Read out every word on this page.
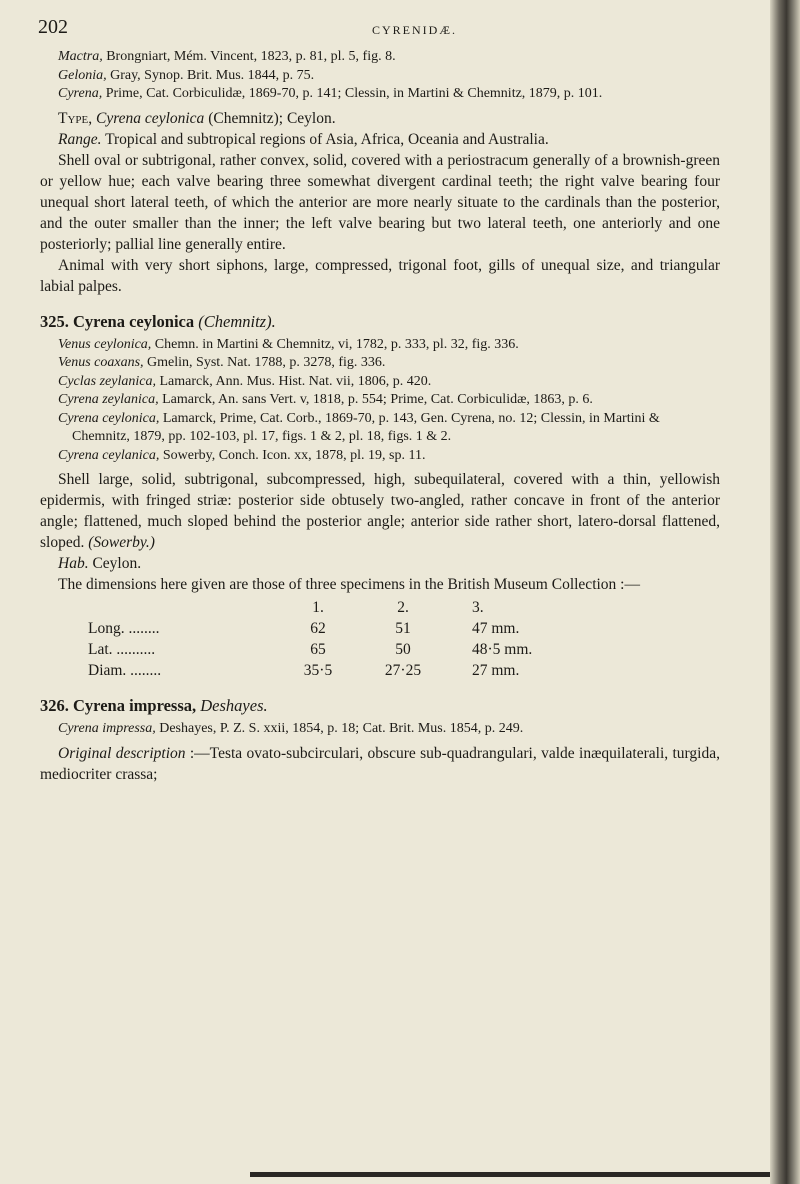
202	CYRENIDÆ.
Mactra, Brongniart, Mém. Vincent, 1823, p. 81, pl. 5, fig. 8.
Gelonia, Gray, Synop. Brit. Mus. 1844, p. 75.
Cyrena, Prime, Cat. Corbiculidæ, 1869-70, p. 141; Clessin, in Martini & Chemnitz, 1879, p. 101.

Type, Cyrena ceylonica (Chemnitz); Ceylon.

Range. Tropical and subtropical regions of Asia, Africa, Oceania and Australia.

Shell oval or subtrigonal, rather convex, solid, covered with a periostracum generally of a brownish-green or yellow hue; each valve bearing three somewhat divergent cardinal teeth; the right valve bearing four unequal short lateral teeth, of which the anterior are more nearly situate to the cardinals than the posterior, and the outer smaller than the inner; the left valve bearing but two lateral teeth, one anteriorly and one posteriorly; pallial line generally entire.

Animal with very short siphons, large, compressed, trigonal foot, gills of unequal size, and triangular labial palpes.

325. Cyrena ceylonica (Chemnitz).
Venus ceylonica, Chemn. in Martini & Chemnitz, vi, 1782, p. 333, pl. 32, fig. 336.
Venus coaxans, Gmelin, Syst. Nat. 1788, p. 3278, fig. 336.
Cyclas zeylanica, Lamarck, Ann. Mus. Hist. Nat. vii, 1806, p. 420.
Cyrena zeylanica, Lamarck, An. sans Vert. v, 1818, p. 554; Prime, Cat. Corbiculidæ, 1863, p. 6.
Cyrena ceylonica, Lamarck, Prime, Cat. Corb., 1869-70, p. 143, Gen. Cyrena, no. 12; Clessin, in Martini & Chemnitz, 1879, pp. 102-103, pl. 17, figs. 1 & 2, pl. 18, figs. 1 & 2.
Cyrena ceylanica, Sowerby, Conch. Icon. xx, 1878, pl. 19, sp. 11.

Shell large, solid, subtrigonal, subcompressed, high, subequilateral, covered with a thin, yellowish epidermis, with fringed striæ: posterior side obtusely two-angled, rather concave in front of the anterior angle; flattened, much sloped behind the posterior angle; anterior side rather short, latero-dorsal flattened, sloped. (Sowerby.)

Hab. Ceylon.

The dimensions here given are those of three specimens in the British Museum Collection :—

	1.	2.	3.
Long. ........	62	51	47 mm.
Lat. ..........	65	50	48·5 mm.
Diam. ........	35·5	27·25	27 mm.
326. Cyrena impressa, Deshayes.
Cyrena impressa, Deshayes, P. Z. S. xxii, 1854, p. 18; Cat. Brit. Mus. 1854, p. 249.

Original description :—Testa ovato-subcirculari, obscure sub-quadrangulari, valde inæquilaterali, turgida, mediocriter crassa;
